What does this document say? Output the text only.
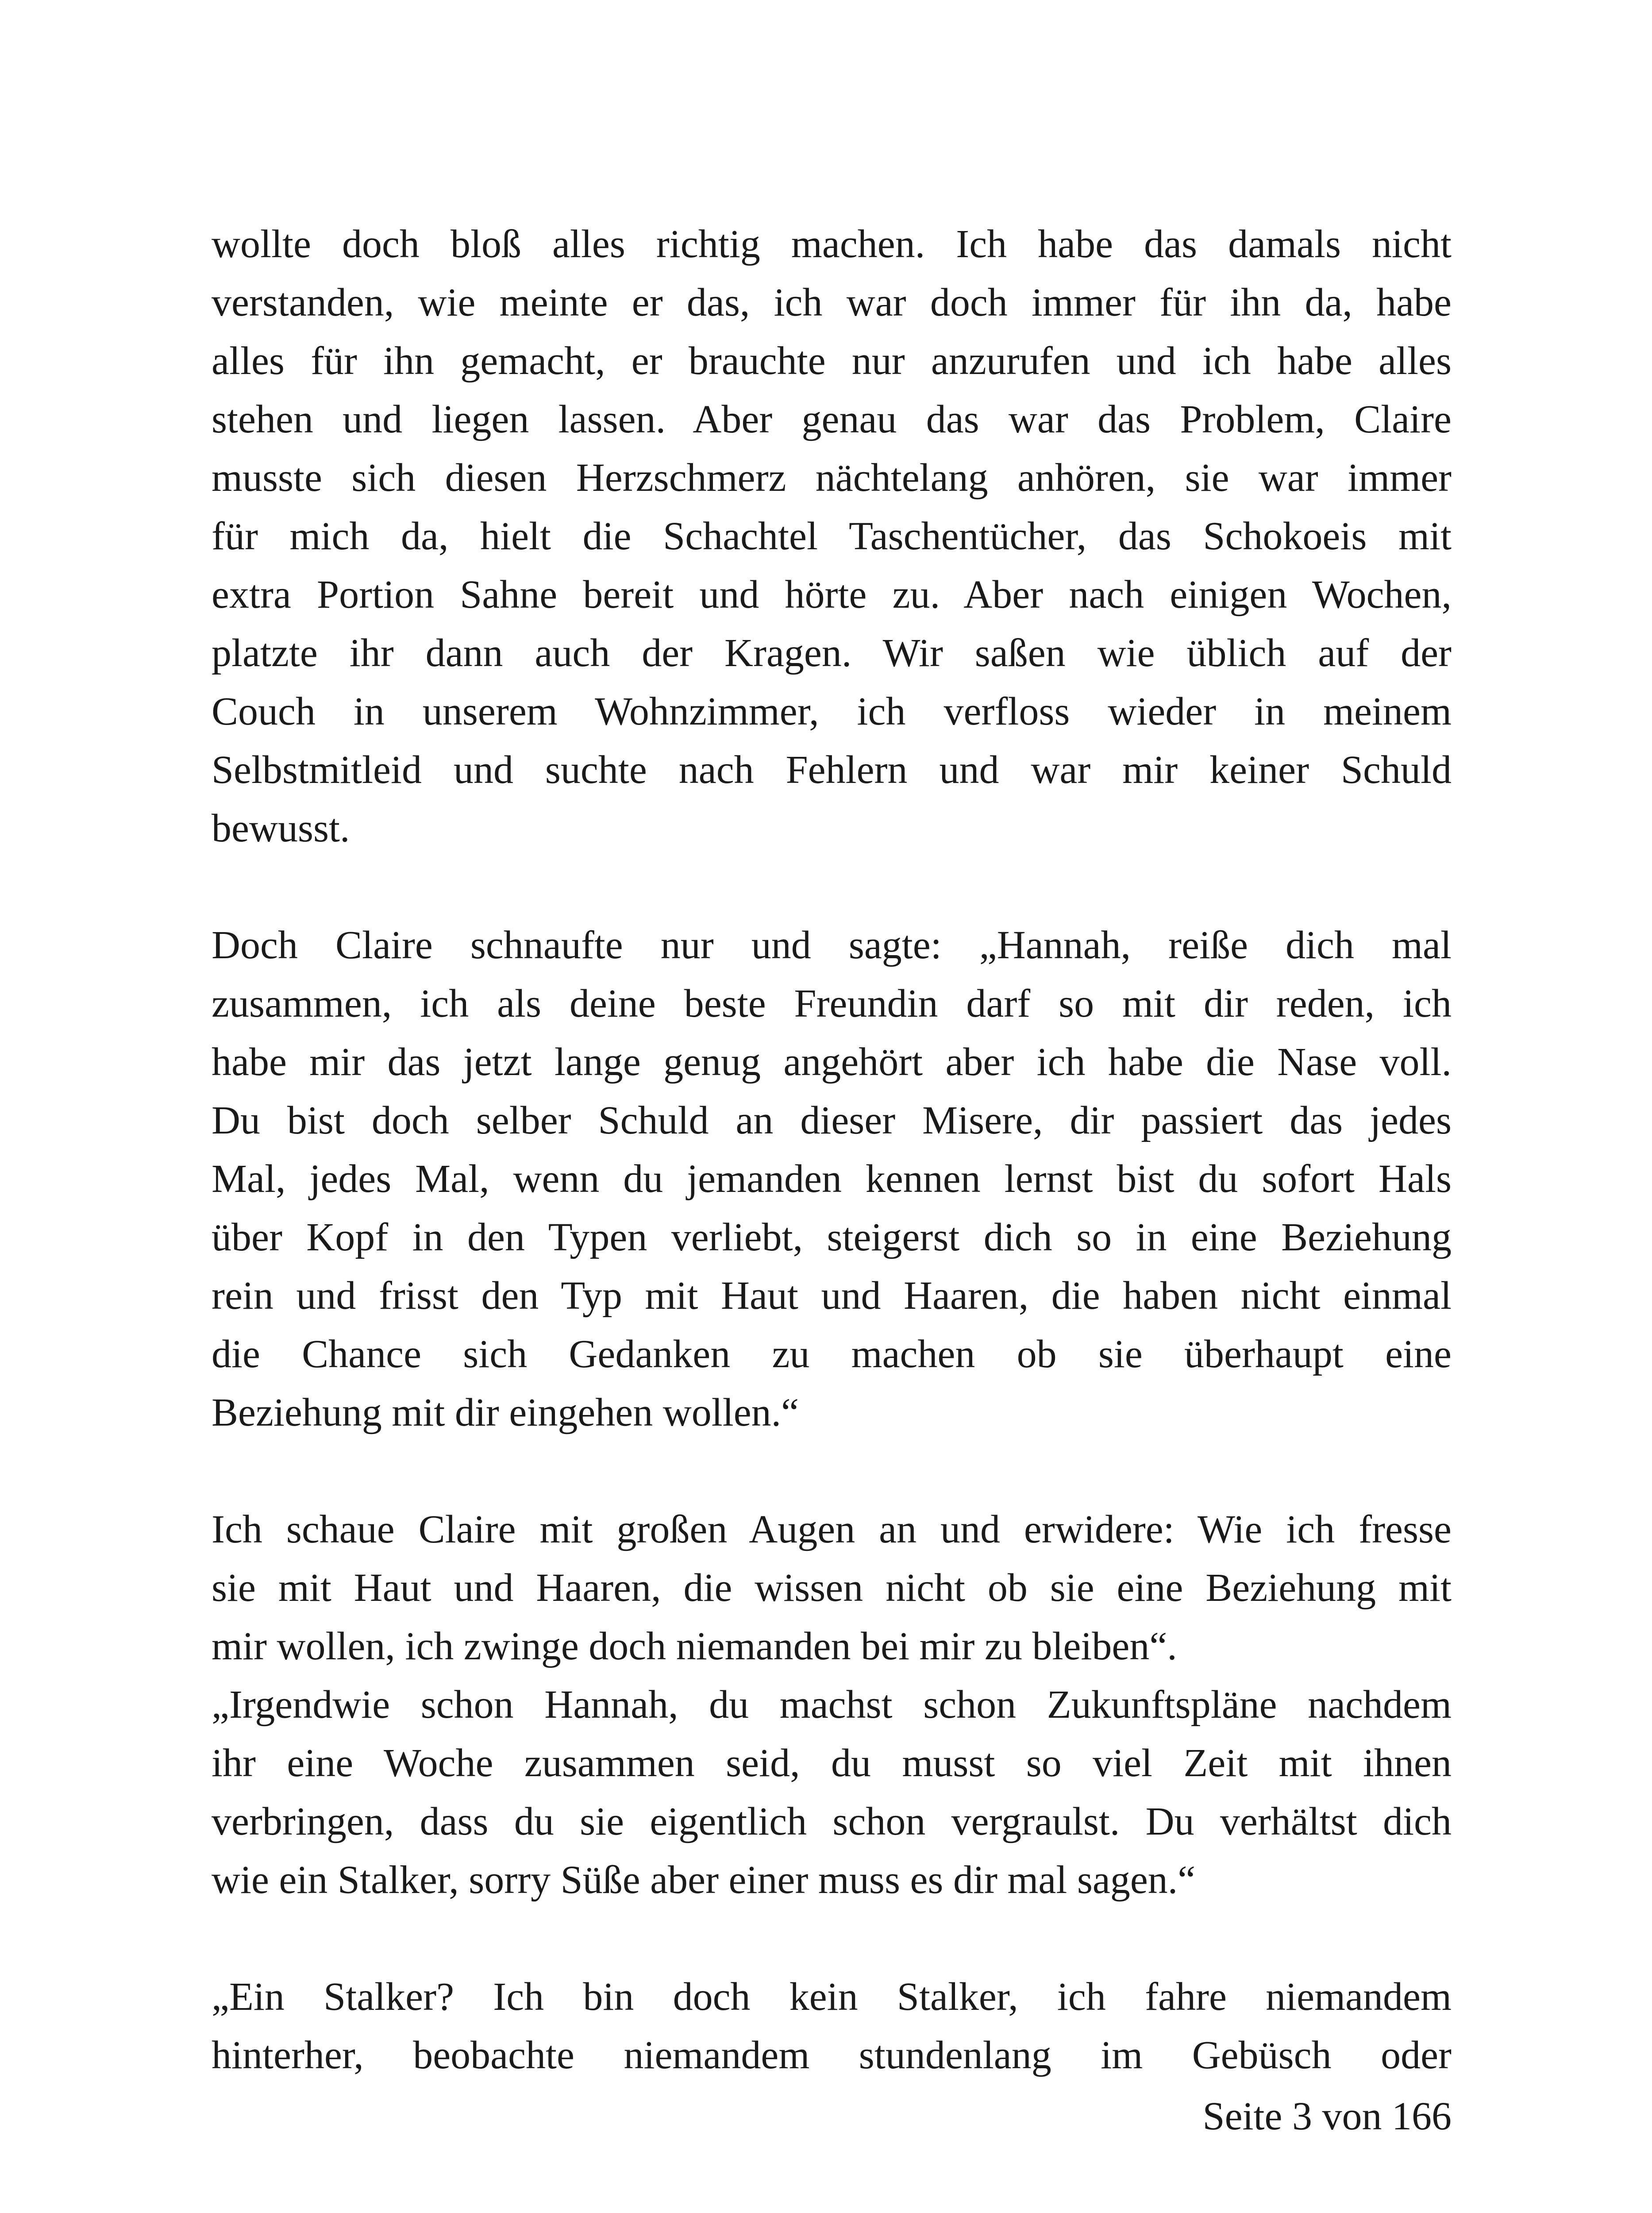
wollte doch bloß alles richtig machen. Ich habe das damals nicht
verstanden, wie meinte er das, ich war doch immer für ihn da, habe
alles für ihn gemacht, er brauchte nur anzurufen und ich habe alles
stehen und liegen lassen. Aber genau das war das Problem, Claire
musste sich diesen Herzschmerz nächtelang anhören, sie war immer
für mich da, hielt die Schachtel Taschentücher, das Schokoeis mit
extra Portion Sahne bereit und hörte zu. Aber nach einigen Wochen,
platzte ihr dann auch der Kragen. Wir saßen wie üblich auf der
Couch in unserem Wohnzimmer, ich verfloss wieder in meinem
Selbstmitleid und suchte nach Fehlern und war mir keiner Schuld
bewusst.
Doch Claire schnaufte nur und sagte: „Hannah, reiße dich mal
zusammen, ich als deine beste Freundin darf so mit dir reden, ich
habe mir das jetzt lange genug angehört aber ich habe die Nase voll.
Du bist doch selber Schuld an dieser Misere, dir passiert das jedes
Mal, jedes Mal, wenn du jemanden kennen lernst bist du sofort Hals
über Kopf in den Typen verliebt, steigerst dich so in eine Beziehung
rein und frisst den Typ mit Haut und Haaren, die haben nicht einmal
die Chance sich Gedanken zu machen ob sie überhaupt eine
Beziehung mit dir eingehen wollen.“
Ich schaue Claire mit großen Augen an und erwidere: Wie ich fresse
sie mit Haut und Haaren, die wissen nicht ob sie eine Beziehung mit
mir wollen, ich zwinge doch niemanden bei mir zu bleiben“.
„Irgendwie schon Hannah, du machst schon Zukunftspläne nachdem
ihr eine Woche zusammen seid, du musst so viel Zeit mit ihnen
verbringen, dass du sie eigentlich schon vergraulst. Du verhältst dich
wie ein Stalker, sorry Süße aber einer muss es dir mal sagen.“
„Ein Stalker? Ich bin doch kein Stalker, ich fahre niemandem
hinterher, beobachte niemandem stundenlang im Gebüsch oder
Seite 3 von 166
